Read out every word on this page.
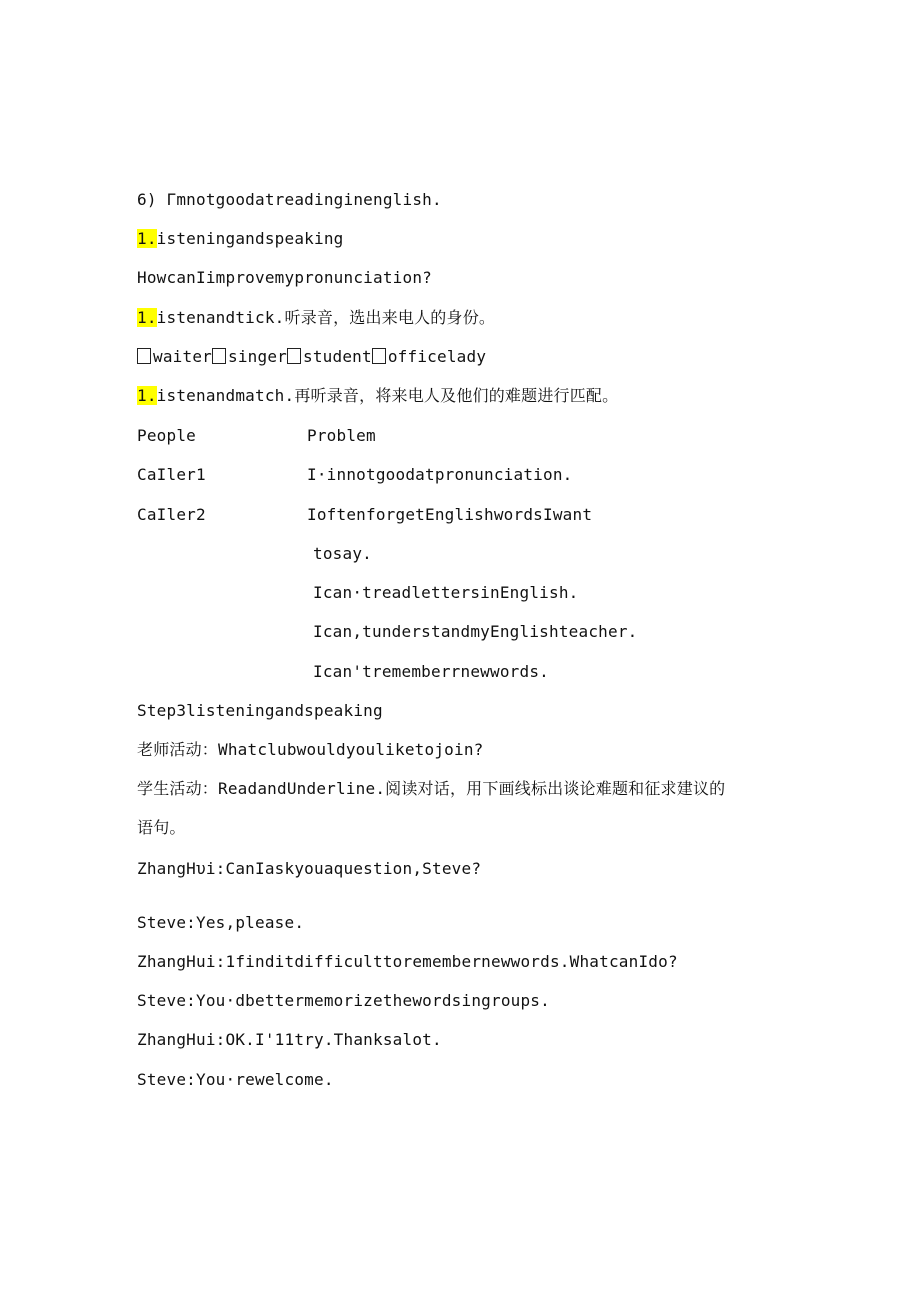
6) Γmnotgoodatreadinginenglish.
1.isteningandspeaking
HowcanIimprovemypronunciation?
1.istenandtick.听录音，选出来电人的身份。
waiter singer student officelady
1.istenandmatch.再听录音，将来电人及他们的难题进行匹配。
People	Problem
CaIler1	I·innotgoodatpronunciation.
CaIler2	IoftenforgetEnglishwordsIwant
tosay.
Ican·treadlettersinEnglish.
Ican,tunderstandmyEnglishteacher.
Ican'trememberrnewwords.
Step3listeningandspeaking
老师活动：Whatclubwouldyouliketojoin?
学生活动：ReadandUnderline.阅读对话，用下画线标出谈论难题和征求建议的
语句。
ZhangHυi:CanIaskyouaquestion,Steve?
Steve:Yes,please.
ZhangHui:1finditdifficulttoremembernewwords.WhatcanIdo?
Steve:You·dbettermemorizethewordsingroups.
ZhangHui:OK.I'11try.Thanksalot.
Steve:You·rewelcome.
